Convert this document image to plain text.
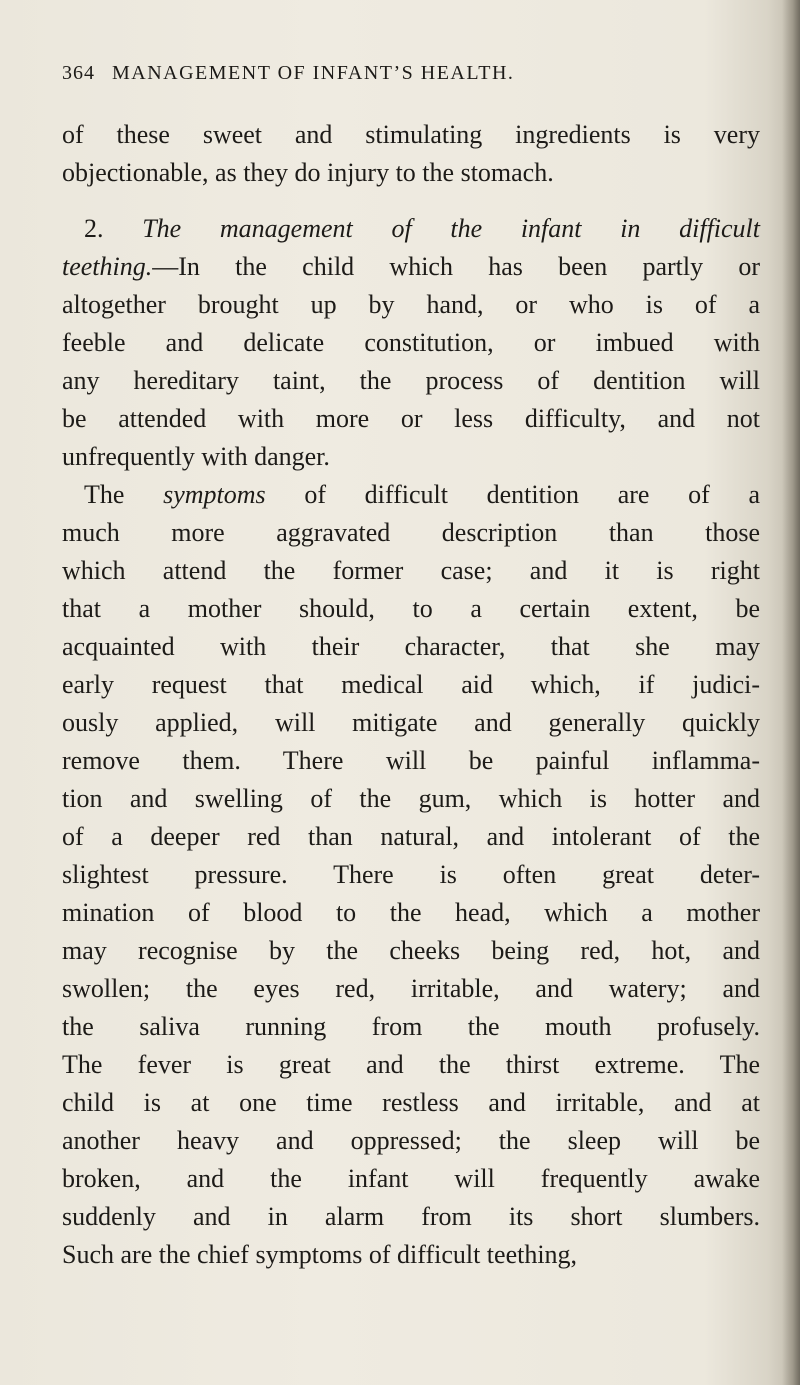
364 MANAGEMENT OF INFANT’S HEALTH.
of these sweet and stimulating ingredients is very
objectionable, as they do injury to the stomach.
2. The management of the infant in difficult
teething.—In the child which has been partly or
altogether brought up by hand, or who is of a
feeble and delicate constitution, or imbued with
any hereditary taint, the process of dentition will
be attended with more or less difficulty, and not
unfrequently with danger.
The symptoms of difficult dentition are of a
much more aggravated description than those
which attend the former case; and it is right
that a mother should, to a certain extent, be
acquainted with their character, that she may
early request that medical aid which, if judici-
ously applied, will mitigate and generally quickly
remove them. There will be painful inflamma-
tion and swelling of the gum, which is hotter and
of a deeper red than natural, and intolerant of the
slightest pressure. There is often great deter-
mination of blood to the head, which a mother
may recognise by the cheeks being red, hot, and
swollen; the eyes red, irritable, and watery; and
the saliva running from the mouth profusely.
The fever is great and the thirst extreme. The
child is at one time restless and irritable, and at
another heavy and oppressed; the sleep will be
broken, and the infant will frequently awake
suddenly and in alarm from its short slumbers.
Such are the chief symptoms of difficult teething,
